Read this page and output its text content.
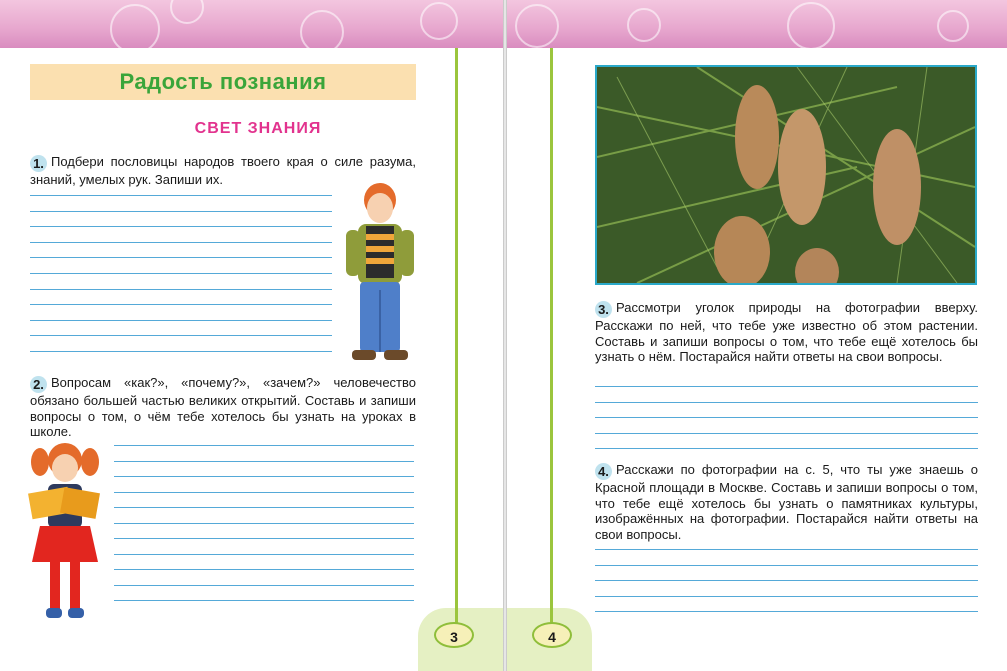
Радость познания
СВЕТ ЗНАНИЯ
1. Подбери пословицы народов твоего края о силе разума, знаний, умелых рук. Запиши их.
2. Вопросам «как?», «почему?», «зачем?» человечество обязано большей частью великих открытий. Составь и запиши вопросы о том, о чём тебе хотелось бы узнать на уроках в школе.
3. Рассмотри уголок природы на фотографии вверху. Расскажи по ней, что тебе уже известно об этом растении. Составь и запиши вопросы о том, что тебе ещё хотелось бы узнать о нём. Постарайся найти ответы на свои вопросы.
4. Расскажи по фотографии на с. 5, что ты уже знаешь о Красной площади в Москве. Составь и запиши вопросы о том, что тебе ещё хотелось бы узнать о памятниках культуры, изображённых на фотографии. Постарайся найти ответы на свои вопросы.
3	4
